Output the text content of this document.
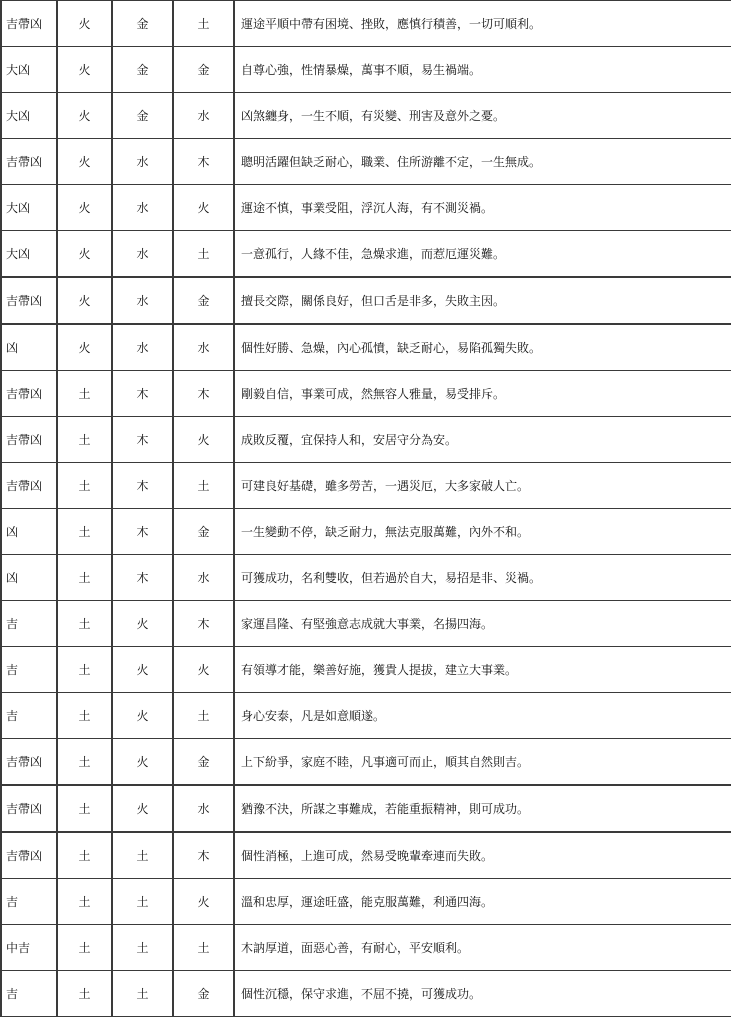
吉帶凶	火	金	土	運途平順中帶有困境、挫敗，應慎行積善，一切可順利。
大凶	火	金	金	自尊心強，性情暴燥，萬事不順，易生禍端。
大凶	火	金	水	凶煞纏身，一生不順，有災變、刑害及意外之憂。
吉帶凶	火	水	木	聰明活躍但缺乏耐心，職業、住所游離不定，一生無成。
大凶	火	水	火	運途不慎，事業受阻，浮沉人海，有不測災禍。
大凶	火	水	土	一意孤行，人緣不佳，急燥求進，而惹厄運災難。
吉帶凶	火	水	金	擅長交際，關係良好，但口舌是非多，失敗主因。
凶	火	水	水	個性好勝、急燥，內心孤憤，缺乏耐心，易陷孤獨失敗。
吉帶凶	土	木	木	剛毅自信，事業可成，然無容人雅量，易受排斥。
吉帶凶	土	木	火	成敗反覆，宜保持人和，安居守分為安。
吉帶凶	土	木	土	可建良好基礎，雖多勞苦，一遇災厄，大多家破人亡。
凶	土	木	金	一生變動不停，缺乏耐力，無法克服萬難，內外不和。
凶	土	木	水	可獲成功，名利雙收，但若過於自大，易招是非、災禍。
吉	土	火	木	家運昌隆、有堅強意志成就大事業，名揚四海。
吉	土	火	火	有領導才能，樂善好施，獲貴人提拔，建立大事業。
吉	土	火	土	身心安泰，凡是如意順遂。
吉帶凶	土	火	金	上下紛爭，家庭不睦，凡事適可而止，順其自然則吉。
吉帶凶	土	火	水	猶豫不決，所謀之事難成，若能重振精神，則可成功。
吉帶凶	土	土	木	個性消極，上進可成，然易受晚輩牽連而失敗。
吉	土	土	火	溫和忠厚，運途旺盛，能克服萬難，利通四海。
中吉	土	土	土	木訥厚道，面惡心善，有耐心，平安順利。
吉	土	土	金	個性沉穩，保守求進，不屈不撓，可獲成功。
